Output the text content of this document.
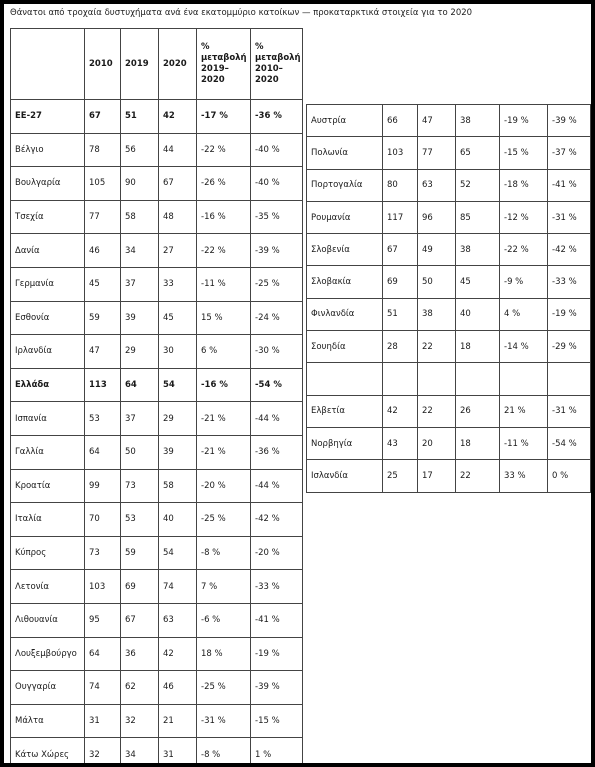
Θάνατοι από τροχαία δυστυχήματα ανά ένα εκατομμύριο κατοίκων — προκαταρκτικά στοιχεία για το 2020
	2010	2019	2020	% μεταβολή 2019–2020	% μεταβολή 2010–2020
ΕΕ-27	67	51	42	-17 %	-36 %
Βέλγιο	78	56	44	-22 %	-40 %
Βουλγαρία	105	90	67	-26 %	-40 %
Τσεχία	77	58	48	-16 %	-35 %
Δανία	46	34	27	-22 %	-39 %
Γερμανία	45	37	33	-11 %	-25 %
Εσθονία	59	39	45	15 %	-24 %
Ιρλανδία	47	29	30	6 %	-30 %
Ελλάδα	113	64	54	-16 %	-54 %
Ισπανία	53	37	29	-21 %	-44 %
Γαλλία	64	50	39	-21 %	-36 %
Κροατία	99	73	58	-20 %	-44 %
Ιταλία	70	53	40	-25 %	-42 %
Κύπρος	73	59	54	-8 %	-20 %
Λετονία	103	69	74	7 %	-33 %
Λιθουανία	95	67	63	-6 %	-41 %
Λουξεμβούργο	64	36	42	18 %	-19 %
Ουγγαρία	74	62	46	-25 %	-39 %
Μάλτα	31	32	21	-31 %	-15 %
Κάτω Χώρες	32	34	31	-8 %	1 %
Αυστρία	66	47	38	-19 %	-39 %
Πολωνία	103	77	65	-15 %	-37 %
Πορτογαλία	80	63	52	-18 %	-41 %
Ρουμανία	117	96	85	-12 %	-31 %
Σλοβενία	67	49	38	-22 %	-42 %
Σλοβακία	69	50	45	-9 %	-33 %
Φινλανδία	51	38	40	4 %	-19 %
Σουηδία	28	22	18	-14 %	-29 %

Ελβετία	42	22	26	21 %	-31 %
Νορβηγία	43	20	18	-11 %	-54 %
Ισλανδία	25	17	22	33 %	0 %
